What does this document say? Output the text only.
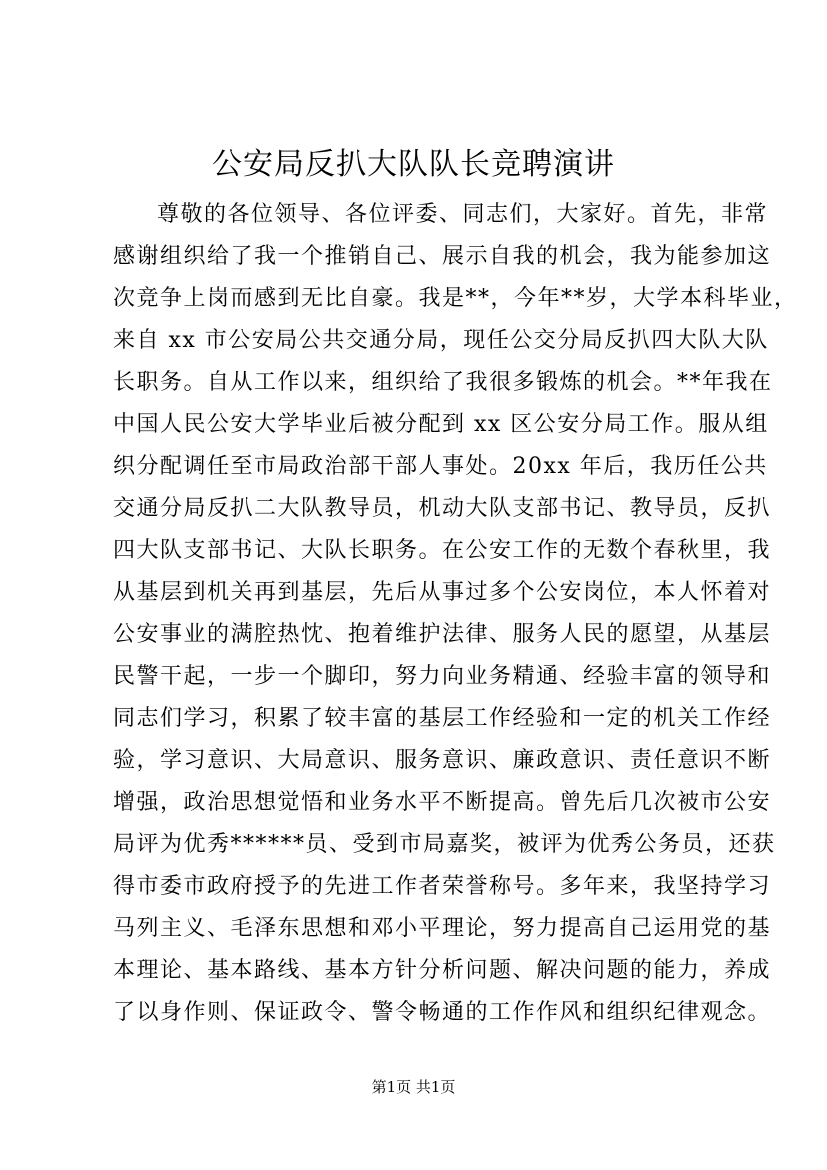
公安局反扒大队队长竞聘演讲
尊敬的各位领导、各位评委、同志们，大家好。首先，非常
感谢组织给了我一个推销自己、展示自我的机会，我为能参加这
次竞争上岗而感到无比自豪。我是**，今年**岁，大学本科毕业，
来自 xx 市公安局公共交通分局，现任公交分局反扒四大队大队
长职务。自从工作以来，组织给了我很多锻炼的机会。**年我在
中国人民公安大学毕业后被分配到 xx 区公安分局工作。服从组
织分配调任至市局政治部干部人事处。20xx 年后，我历任公共
交通分局反扒二大队教导员，机动大队支部书记、教导员，反扒
四大队支部书记、大队长职务。在公安工作的无数个春秋里，我
从基层到机关再到基层，先后从事过多个公安岗位，本人怀着对
公安事业的满腔热忱、抱着维护法律、服务人民的愿望，从基层
民警干起，一步一个脚印，努力向业务精通、经验丰富的领导和
同志们学习，积累了较丰富的基层工作经验和一定的机关工作经
验，学习意识、大局意识、服务意识、廉政意识、责任意识不断
增强，政治思想觉悟和业务水平不断提高。曾先后几次被市公安
局评为优秀******员、受到市局嘉奖，被评为优秀公务员，还获
得市委市政府授予的先进工作者荣誉称号。多年来，我坚持学习
马列主义、毛泽东思想和邓小平理论，努力提高自己运用党的基
本理论、基本路线、基本方针分析问题、解决问题的能力，养成
了以身作则、保证政令、警令畅通的工作作风和组织纪律观念。
第1页 共1页
